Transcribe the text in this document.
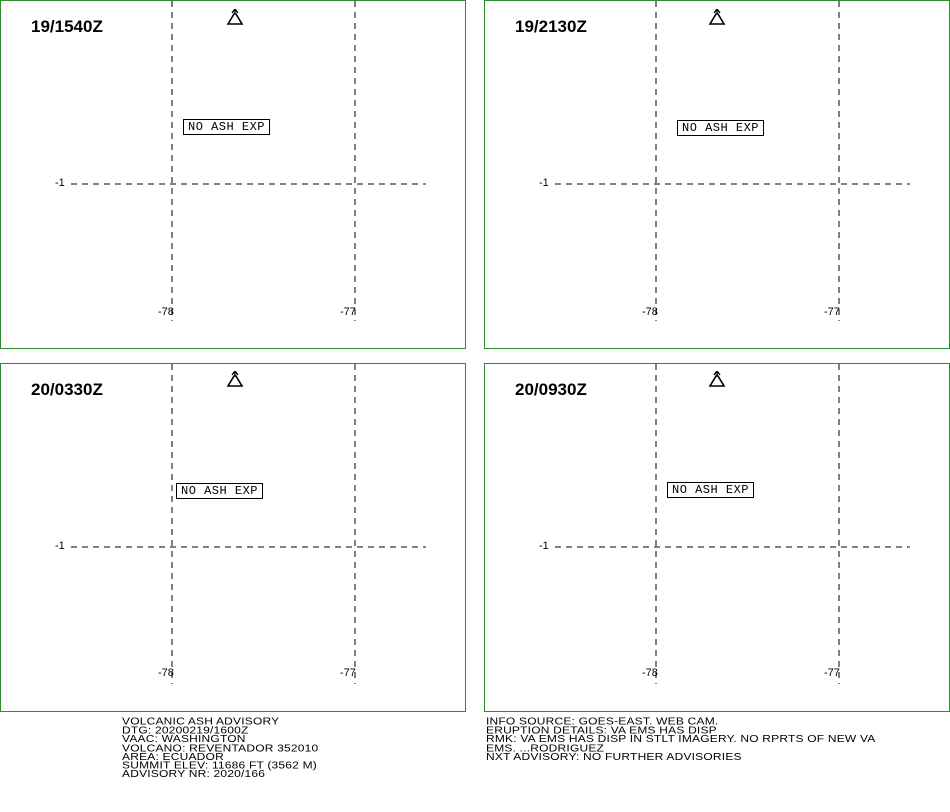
19/1540Z
NO ASH EXP
-1
-78	-77
19/2130Z
NO ASH EXP
-1
-78	-77
20/0330Z
NO ASH EXP
-1
-78	-77
20/0930Z
NO ASH EXP
-1
-78	-77
VOLCANIC ASH ADVISORY
DTG: 20200219/1600Z
VAAC: WASHINGTON
VOLCANO: REVENTADOR 352010
AREA: ECUADOR
SUMMIT ELEV: 11686 FT (3562 M)
ADVISORY NR: 2020/166
INFO SOURCE: GOES-EAST. WEB CAM.
ERUPTION DETAILS: VA EMS HAS DISP
RMK: VA EMS HAS DISP IN STLT IMAGERY. NO RPRTS OF NEW VA
EMS. ...RODRIGUEZ
NXT ADVISORY: NO FURTHER ADVISORIES
